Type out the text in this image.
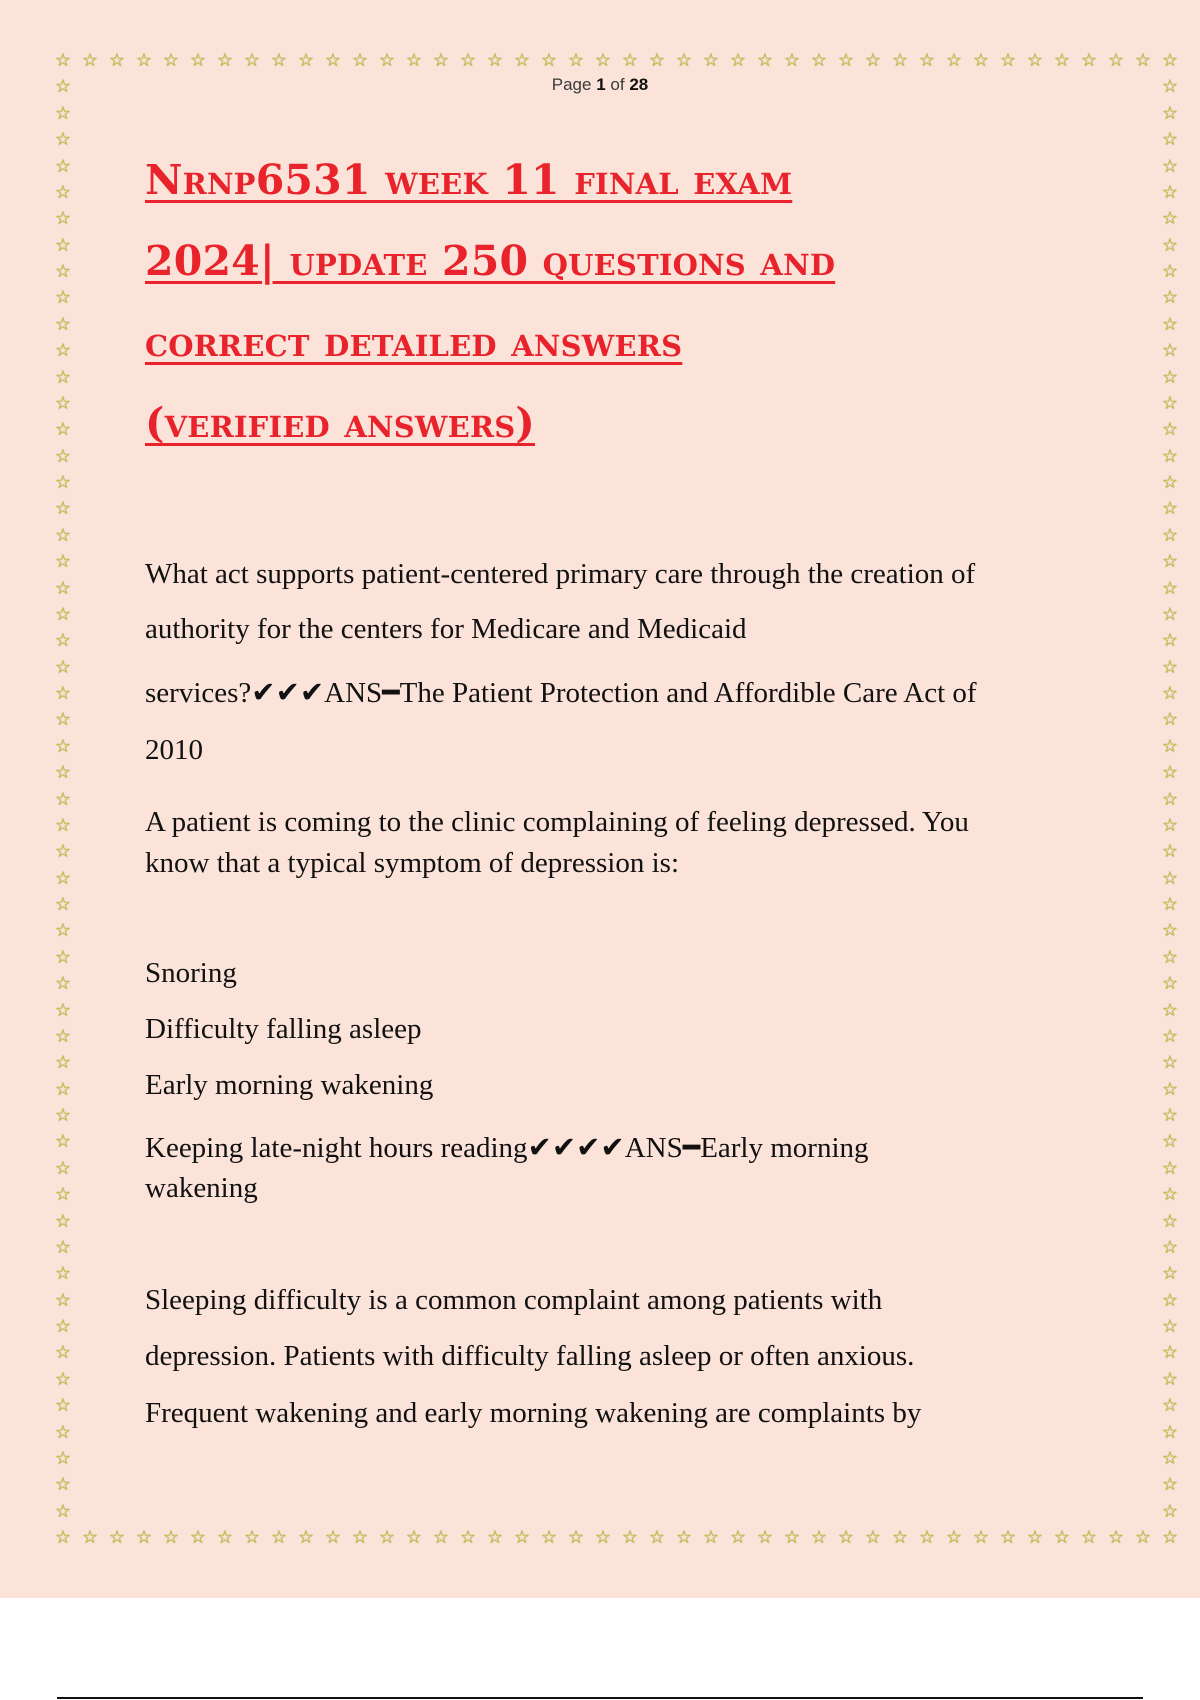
☆
☆
☆
☆
☆
☆
☆
☆
☆
☆
☆
☆
☆
☆
☆
☆
☆
☆
☆
☆
☆
☆
☆
☆
☆
☆
☆
☆
☆
☆
☆
☆
☆
☆
☆
☆
☆
☆
☆
☆
☆
☆
☆
☆
☆
☆
☆
☆
☆
☆
☆
☆
☆
☆
☆
☆
☆
☆
☆
☆
☆
☆
☆
☆
☆
☆
☆
☆
☆
☆
☆
☆
☆
☆
☆
☆
☆
☆
☆
☆
☆
☆
☆
☆
☆	☆
☆	☆
☆	☆
☆	☆
☆	☆
☆	☆
☆	☆
☆	☆
☆	☆
☆	☆
☆	☆
☆	☆
☆	☆
☆	☆
☆	☆
☆	☆
☆	☆
☆	☆
☆	☆
☆	☆
☆	☆
☆	☆
☆	☆
☆	☆
☆	☆
☆	☆
☆	☆
☆	☆
☆	☆
☆	☆
☆	☆
☆	☆
☆	☆
☆	☆
☆	☆
☆	☆
☆	☆
☆	☆
☆	☆
☆	☆
☆	☆
☆	☆
☆	☆
☆	☆
☆	☆
☆	☆
☆	☆
☆	☆
☆	☆
☆	☆
☆	☆
☆	☆
☆	☆
☆	☆
☆	☆
Page 1 of 28
Nrnp6531 week 11 final exam
2024| update 250 questions and
correct detailed answers
(verified answers)

What act supports patient-centered primary care through the creation of

authority for the centers for Medicare and Medicaid

services?✔✔✔ANS━The Patient Protection and Affordible Care Act of

2010

A patient is coming to the clinic complaining of feeling depressed. You

know that a typical symptom of depression is:

Snoring

Difficulty falling asleep

Early morning wakening

Keeping late-night hours reading✔✔✔✔ANS━Early morning

wakening

Sleeping difficulty is a common complaint among patients with

depression. Patients with difficulty falling asleep or often anxious.

Frequent wakening and early morning wakening are complaints by
